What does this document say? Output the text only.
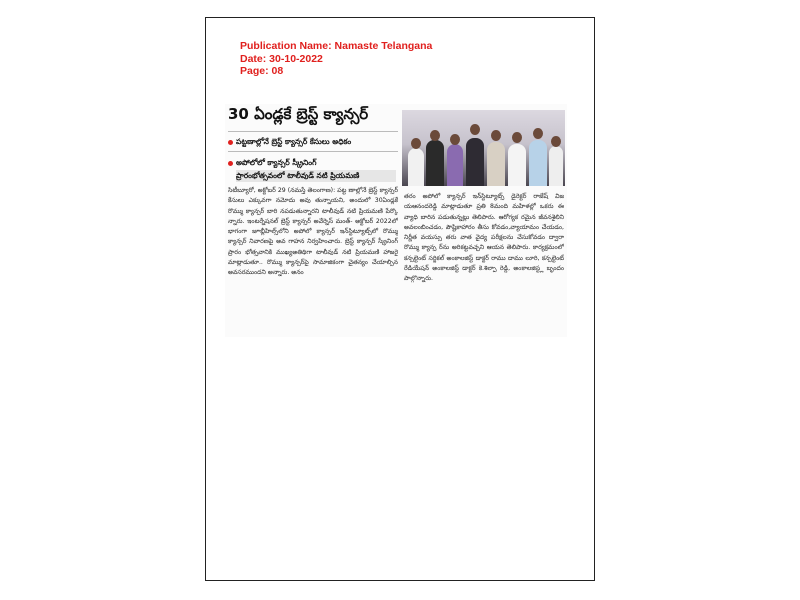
Publication Name: Namaste Telangana
Date: 30-10-2022
Page: 08
30 ఏండ్లకే బ్రెస్ట్ క్యాన్సర్
పట్టణాల్లోనే బ్రెస్ట్ క్యాన్సర్ కేసులు అధికం
అపోలోలో క్యాన్సర్ స్క్రీనింగ్
ప్రారంభోత్సవంలో టాలీవుడ్ నటి ప్రియమణి
సిటీబ్యూరో, అక్టోబర్ 29 (నమస్తే తెలంగాణ): పట్ట ణాల్లోనే బ్రెస్ట్ క్యాన్సర్ కేసులు ఎక్కువగా నమోదు అవు తున్నాయని, అందులో 30ఏండ్లకే రొమ్ము క్యాన్సర్ బారి నపడుతున్నారని టాలీవుడ్ నటి ప్రియమణి పేర్కొ న్నారు. ఇంటర్నేషనల్ బ్రెస్ట్ క్యాన్సర్ అవేర్నెస్ మంత్- అక్టోబర్ 2022లో భాగంగా జూబ్లీహిల్స్‌లోని అపోలో క్యాన్సర్ ఇన్‌స్టిట్యూట్స్‌లో రొమ్ము క్యాన్సర్ నివారణపై అవ గాహన నిర్వహించారు. బ్రెస్ట్ క్యాన్సర్ స్క్రీనింగ్ ప్రారం భోత్సవానికి ముఖ్యఅతిథిగా టాలీవుడ్ నటి ప్రియమణి హాజరై మాట్లాడుతూ.. రొమ్ము క్యాన్సర్‌పై సామాజికంగా చైతన్యం చేయాల్సిన అవసరముందని అన్నారు. అనం
తరం అపోలో క్యాన్సర్ ఇన్‌స్టిట్యూట్స్ డైరెక్టర్ రాజేష్ విజ యఆనందరెడ్డి మాట్లాడుతూ ప్రతి 8మంది మహిళల్లో ఒకరు ఈ వ్యాధి బారిన పడుతున్నట్లు తెలిపారు. ఆరోగ్యక రమైన జీవనశైలిని అవలంబించడం, పౌష్టికాహారం తీసు కోవడం,వ్యాయామం చేయడం, నిర్ణీత వయస్సు తరు వాత వైద్య పరీక్షలను చేసుకోవడం ద్వారా రొమ్ము క్యాన్స ర్‌ను అరికట్టవచ్చని ఆయన తెలిపారు. కార్యక్రమంలో కన్సల్టెంట్ సర్జికల్ అంకాలజిస్ట్ డాక్టర్ రాము దాము లూరి, కన్సల్టెంట్ రేడియేషన్ అంకాలజిస్ట్ డాక్టర్ కె.శిల్పా రెడ్డి, అంకాలజిస్ట్ల బృందం పాల్గొన్నారు.
